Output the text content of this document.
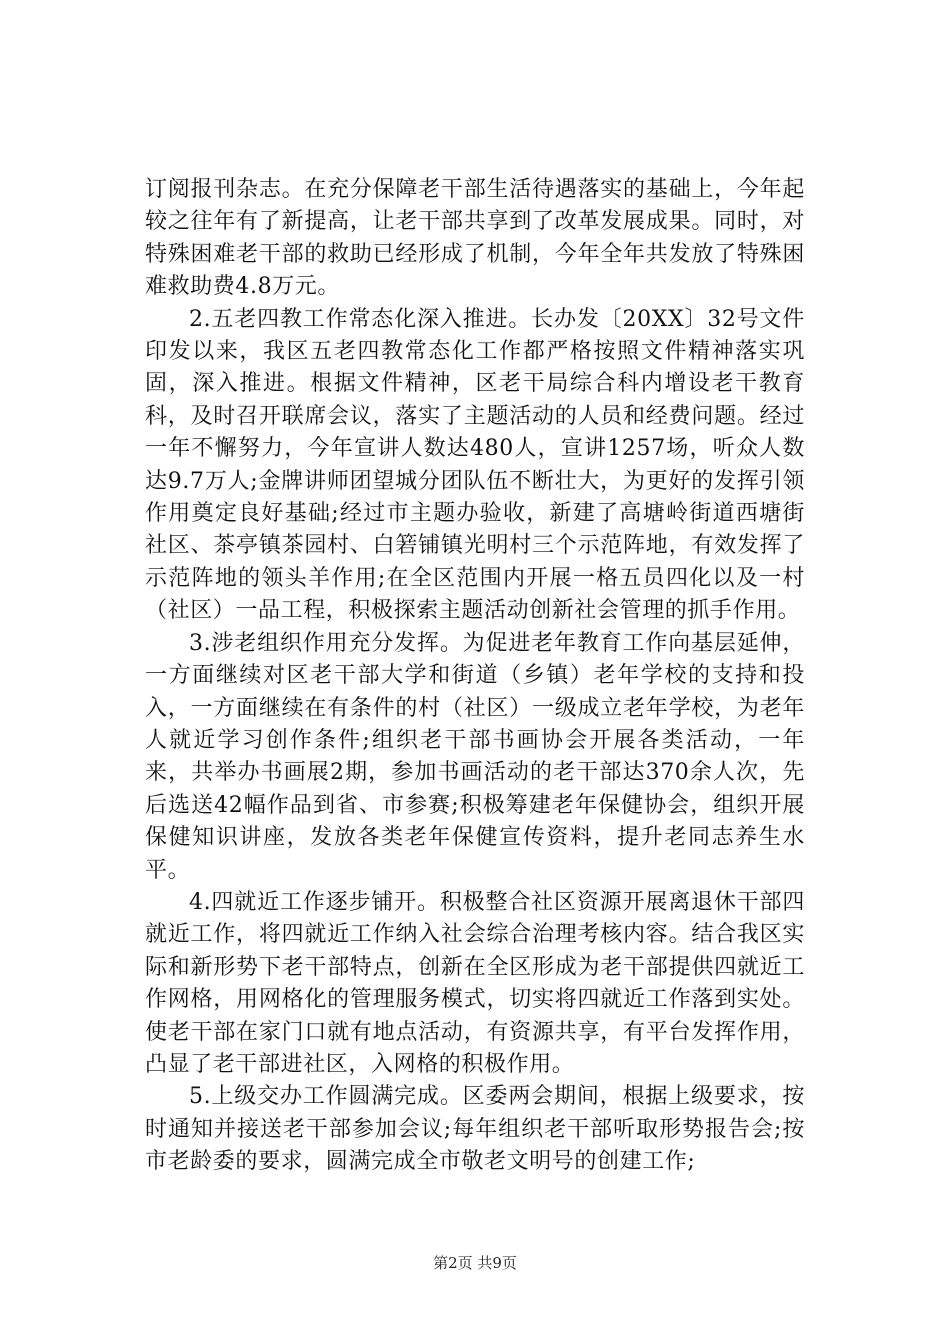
订阅报刊杂志。在充分保障老干部生活待遇落实的基础上，今年起较之往年有了新提高，让老干部共享到了改革发展成果。同时，对特殊困难老干部的救助已经形成了机制，今年全年共发放了特殊困难救助费4.8万元。

2.五老四教工作常态化深入推进。长办发〔20XX〕32号文件印发以来，我区五老四教常态化工作都严格按照文件精神落实巩固，深入推进。根据文件精神，区老干局综合科内增设老干教育科，及时召开联席会议，落实了主题活动的人员和经费问题。经过一年不懈努力，今年宣讲人数达480人，宣讲1257场，听众人数达9.7万人;金牌讲师团望城分团队伍不断壮大，为更好的发挥引领作用奠定良好基础;经过市主题办验收，新建了高塘岭街道西塘街社区、茶亭镇茶园村、白箬铺镇光明村三个示范阵地，有效发挥了示范阵地的领头羊作用;在全区范围内开展一格五员四化以及一村（社区）一品工程，积极探索主题活动创新社会管理的抓手作用。

3.涉老组织作用充分发挥。为促进老年教育工作向基层延伸，一方面继续对区老干部大学和街道（乡镇）老年学校的支持和投入，一方面继续在有条件的村（社区）一级成立老年学校，为老年人就近学习创作条件;组织老干部书画协会开展各类活动，一年来，共举办书画展2期，参加书画活动的老干部达370余人次，先后选送42幅作品到省、市参赛;积极筹建老年保健协会，组织开展保健知识讲座，发放各类老年保健宣传资料，提升老同志养生水平。

4.四就近工作逐步铺开。积极整合社区资源开展离退休干部四就近工作，将四就近工作纳入社会综合治理考核内容。结合我区实际和新形势下老干部特点，创新在全区形成为老干部提供四就近工作网格，用网格化的管理服务模式，切实将四就近工作落到实处。使老干部在家门口就有地点活动，有资源共享，有平台发挥作用，凸显了老干部进社区，入网格的积极作用。

5.上级交办工作圆满完成。区委两会期间，根据上级要求，按时通知并接送老干部参加会议;每年组织老干部听取形势报告会;按市老龄委的要求，圆满完成全市敬老文明号的创建工作;

第2页 共9页
